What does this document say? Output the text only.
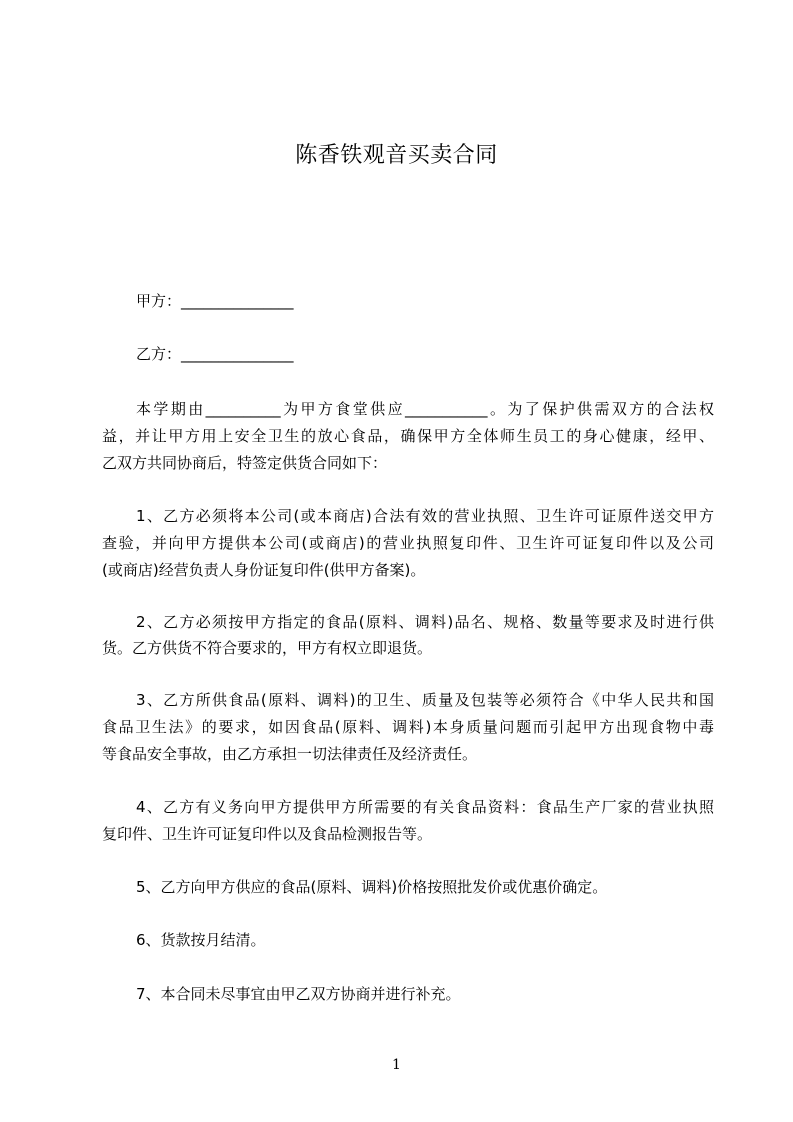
陈香铁观音买卖合同
甲方：_______________
乙方：_______________
本学期由__________为甲方食堂供应___________。为了保护供需双方的合法权
益，并让甲方用上安全卫生的放心食品，确保甲方全体师生员工的身心健康，经甲、
乙双方共同协商后，特签定供货合同如下：
1、乙方必须将本公司(或本商店)合法有效的营业执照、卫生许可证原件送交甲方
查验，并向甲方提供本公司(或商店)的营业执照复印件、卫生许可证复印件以及公司
(或商店)经营负责人身份证复印件(供甲方备案)。
2、乙方必须按甲方指定的食品(原料、调料)品名、规格、数量等要求及时进行供
货。乙方供货不符合要求的，甲方有权立即退货。
3、乙方所供食品(原料、调料)的卫生、质量及包装等必须符合《中华人民共和国
食品卫生法》的要求，如因食品(原料、调料)本身质量问题而引起甲方出现食物中毒
等食品安全事故，由乙方承担一切法律责任及经济责任。
4、乙方有义务向甲方提供甲方所需要的有关食品资料：食品生产厂家的营业执照
复印件、卫生许可证复印件以及食品检测报告等。
5、乙方向甲方供应的食品(原料、调料)价格按照批发价或优惠价确定。
6、货款按月结清。
7、本合同未尽事宜由甲乙双方协商并进行补充。
1
